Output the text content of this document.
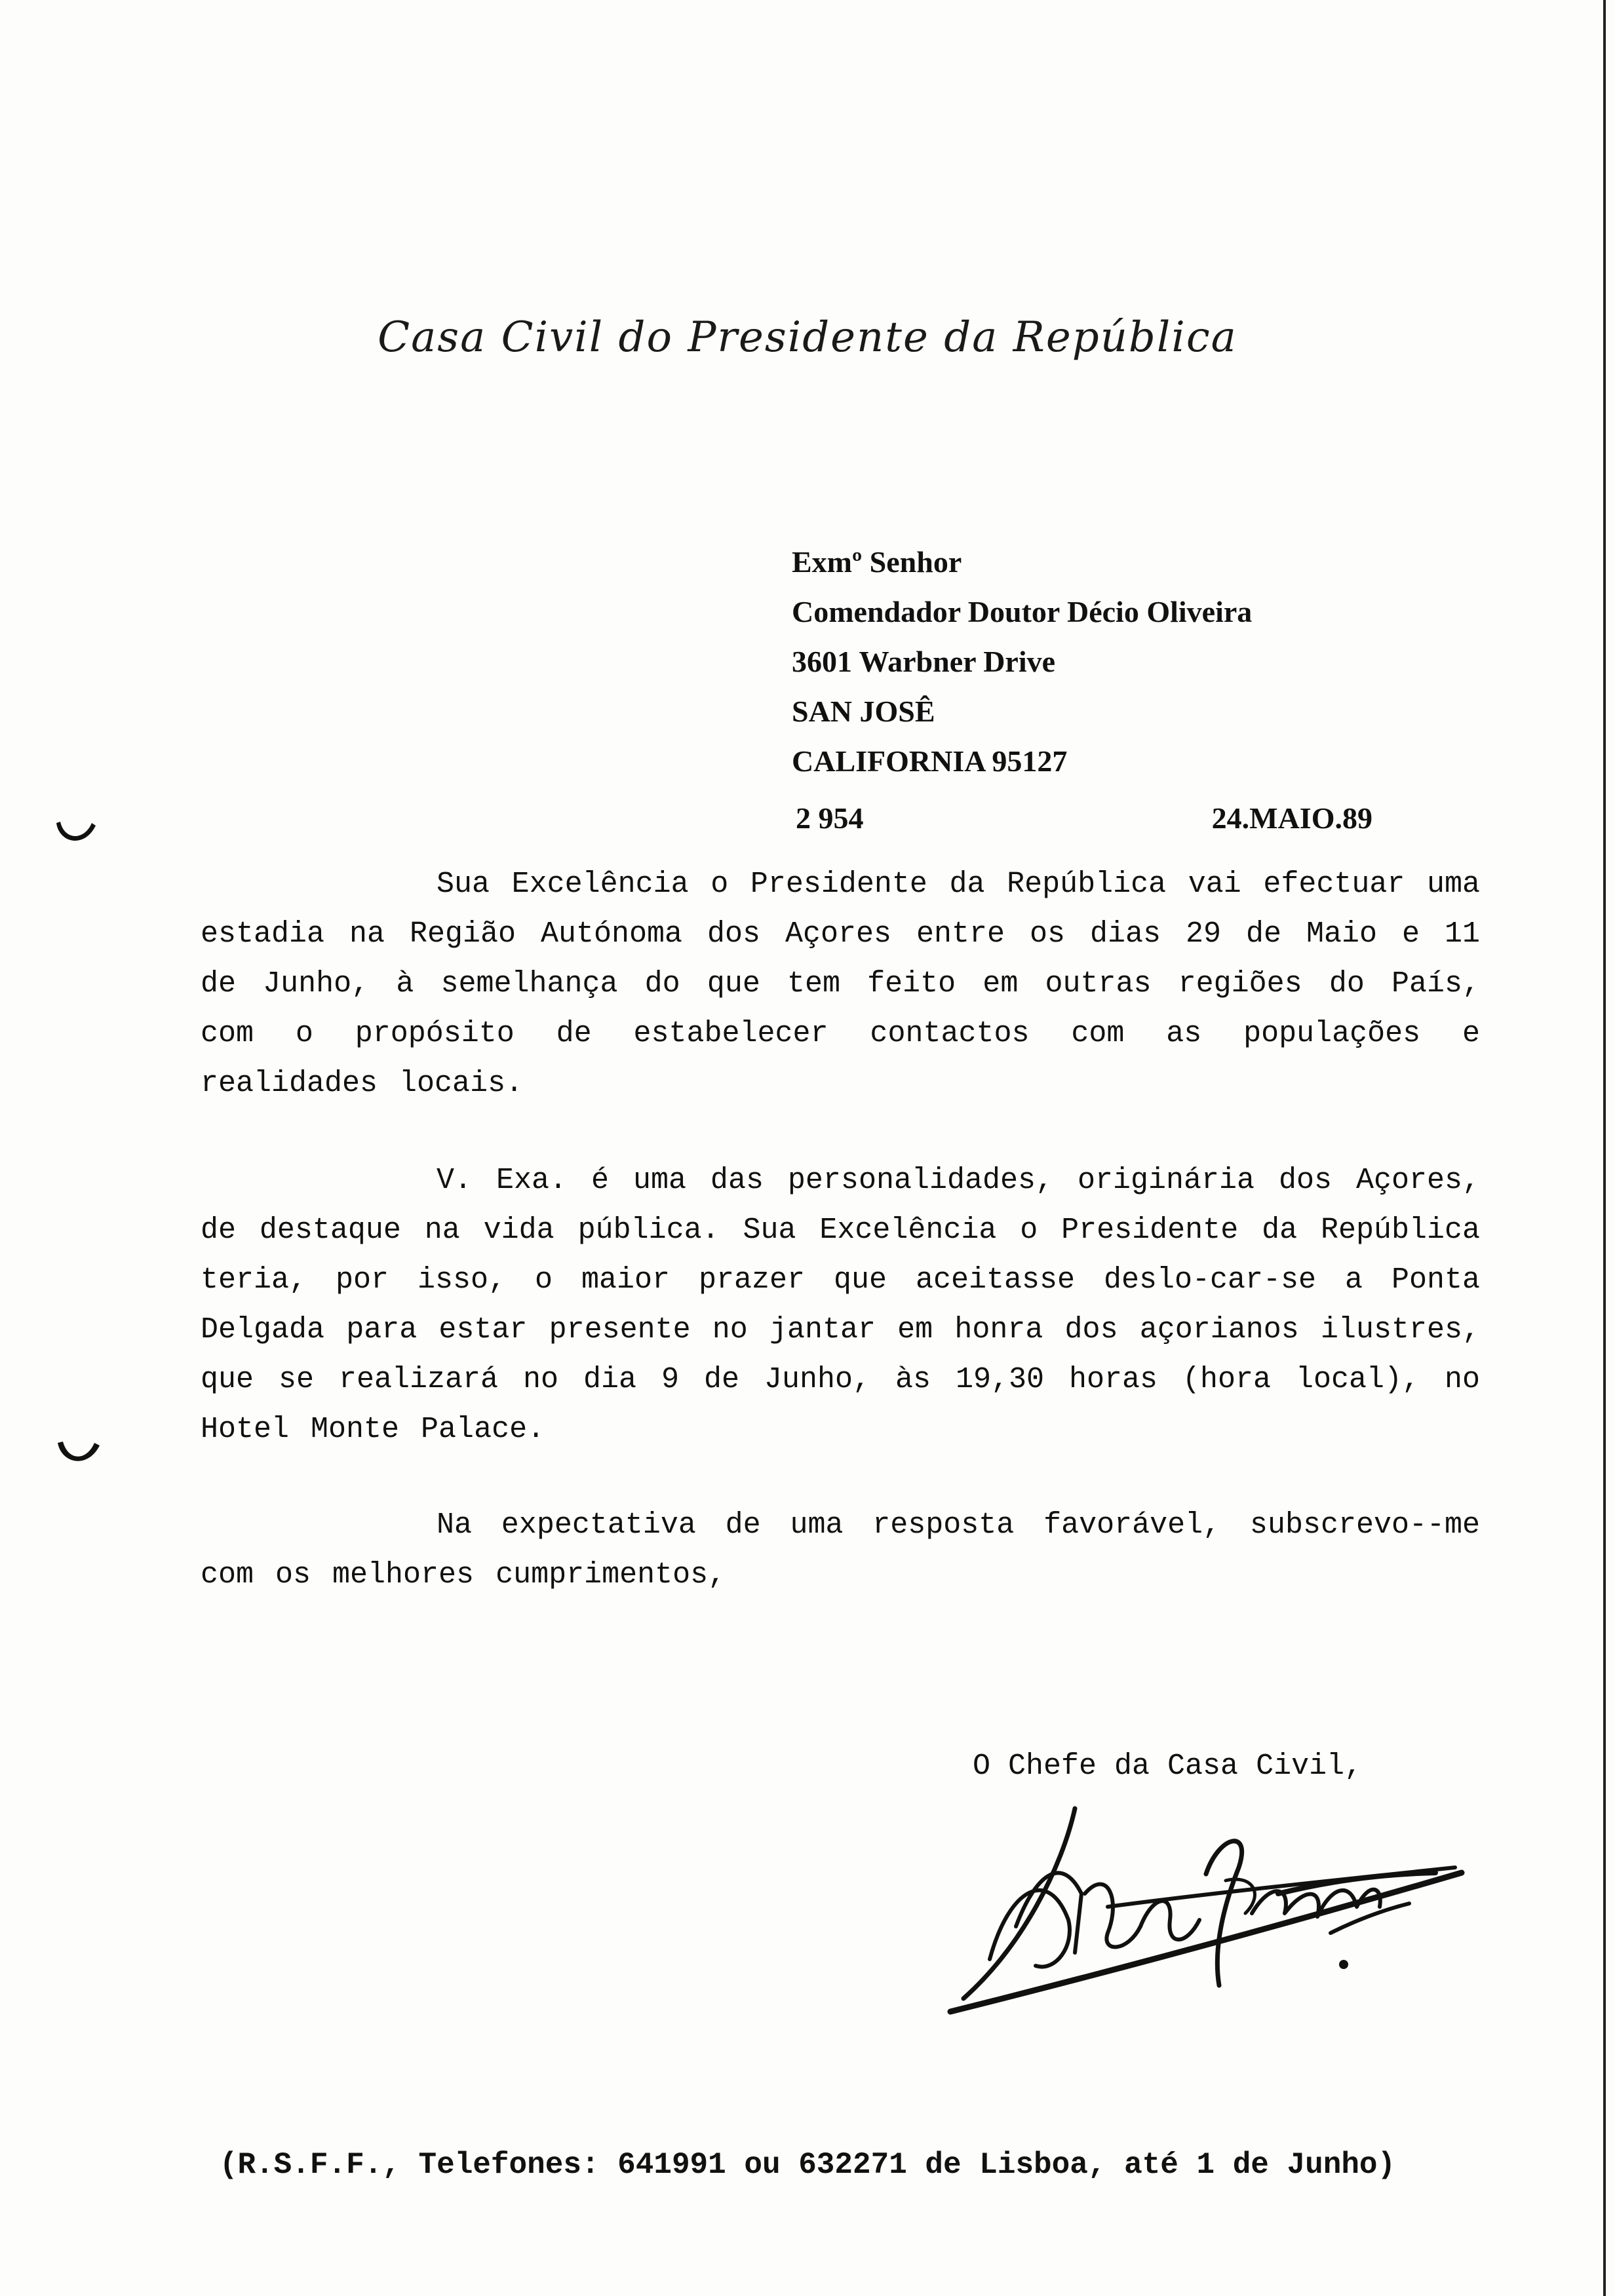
Casa Civil do Presidente da República
Exmº Senhor
Comendador Doutor Décio Oliveira
3601 Warbner Drive
SAN JOSÊ
CALIFORNIA 95127
2 954	24.MAIO.89

Sua Excelência o Presidente da República vai efectuar uma estadia na Região Autónoma dos Açores entre os dias 29 de Maio e 11 de Junho, à semelhança do que tem feito em outras regiões do País, com o propósito de estabelecer contactos com as populações e realidades locais.

V. Exa. é uma das personalidades, originária dos Açores, de destaque na vida pública. Sua Excelência o Presidente da República teria, por isso, o maior prazer que aceitasse deslo-car-se a Ponta Delgada para estar presente no jantar em honra dos açorianos ilustres, que se realizará no dia 9 de Junho, às 19,30 horas (hora local), no Hotel Monte Palace.

Na expectativa de uma resposta favorável, subscrevo--me com os melhores cumprimentos,

O Chefe da Casa Civil,
(R.S.F.F., Telefones: 641991 ou 632271 de Lisboa, até 1 de Junho)
